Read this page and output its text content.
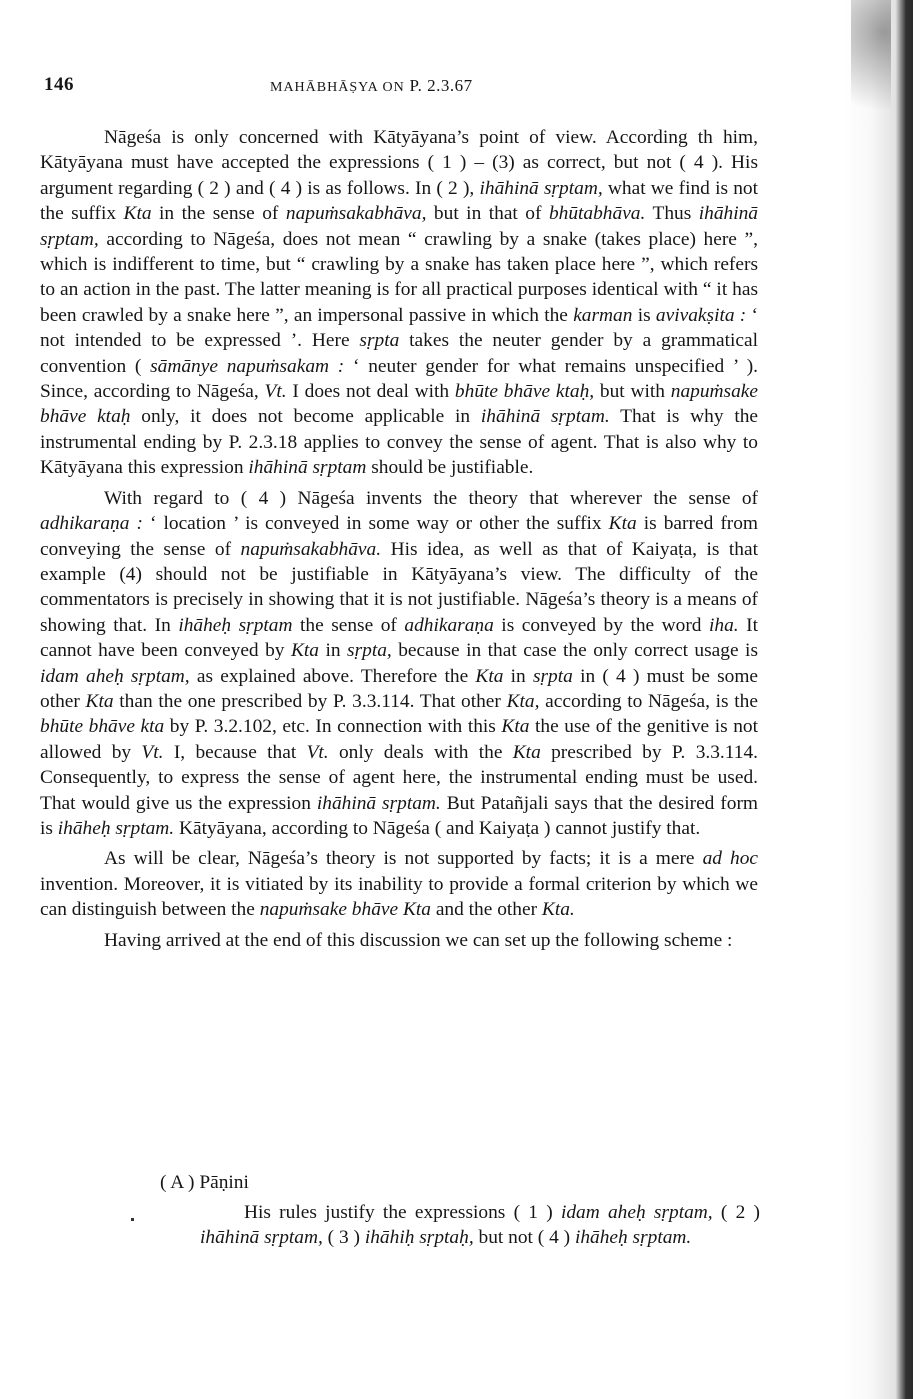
146	MAHĀBHĀṢYA ON P. 2.3.67

Nāgeśa is only concerned with Kātyāyana’s point of view. According th him, Kātyāyana must have accepted the expressions ( 1 ) – (3) as correct, but not ( 4 ). His argument regarding ( 2 ) and ( 4 ) is as follows. In ( 2 ), ihāhinā sṛptam, what we find is not the suffix Kta in the sense of napuṁsakabhāva, but in that of bhūtabhāva. Thus ihāhinā sṛptam, according to Nāgeśa, does not mean “ crawling by a snake (takes place) here ”, which is indifferent to time, but “ crawling by a snake has taken place here ”, which refers to an action in the past. The latter meaning is for all practical purposes identical with “ it has been crawled by a snake here ”, an impersonal passive in which the karman is avivakṣita : ‘ not intended to be expressed ’. Here sṛpta takes the neuter gender by a grammatical convention ( sāmānye napuṁsakam : ‘ neuter gender for what remains unspecified ’ ). Since, according to Nāgeśa, Vt. I does not deal with bhūte bhāve ktaḥ, but with napuṁsake bhāve ktaḥ only, it does not become applicable in ihāhinā sṛptam. That is why the instrumental ending by P. 2.3.18 applies to convey the sense of agent. That is also why to Kātyāyana this expression ihāhinā sṛptam should be justifiable.

With regard to ( 4 ) Nāgeśa invents the theory that wherever the sense of adhikaraṇa : ‘ location ’ is conveyed in some way or other the suffix Kta is barred from conveying the sense of napuṁsakabhāva. His idea, as well as that of Kaiyaṭa, is that example (4) should not be justifiable in Kātyāyana’s view. The difficulty of the commentators is precisely in showing that it is not justifiable. Nāgeśa’s theory is a means of showing that. In ihāheḥ sṛptam the sense of adhikaraṇa is conveyed by the word iha. It cannot have been conveyed by Kta in sṛpta, because in that case the only correct usage is idam aheḥ sṛptam, as explained above. Therefore the Kta in sṛpta in ( 4 ) must be some other Kta than the one prescribed by P. 3.3.114. That other Kta, according to Nāgeśa, is the bhūte bhāve kta by P. 3.2.102, etc. In connection with this Kta the use of the genitive is not allowed by Vt. I, because that Vt. only deals with the Kta prescribed by P. 3.3.114. Consequently, to express the sense of agent here, the instrumental ending must be used. That would give us the expression ihāhinā sṛptam. But Patañjali says that the desired form is ihāheḥ sṛptam. Kātyāyana, according to Nāgeśa ( and Kaiyaṭa ) cannot justify that.

As will be clear, Nāgeśa’s theory is not supported by facts; it is a mere ad hoc invention. Moreover, it is vitiated by its inability to provide a formal criterion by which we can distinguish between the napuṁsake bhāve Kta and the other Kta.

Having arrived at the end of this discussion we can set up the following scheme :

( A ) Pāṇini

His rules justify the expressions ( 1 ) idam aheḥ sṛptam, ( 2 ) ihāhinā sṛptam, ( 3 ) ihāhiḥ sṛptaḥ, but not ( 4 ) ihāheḥ sṛptam.
